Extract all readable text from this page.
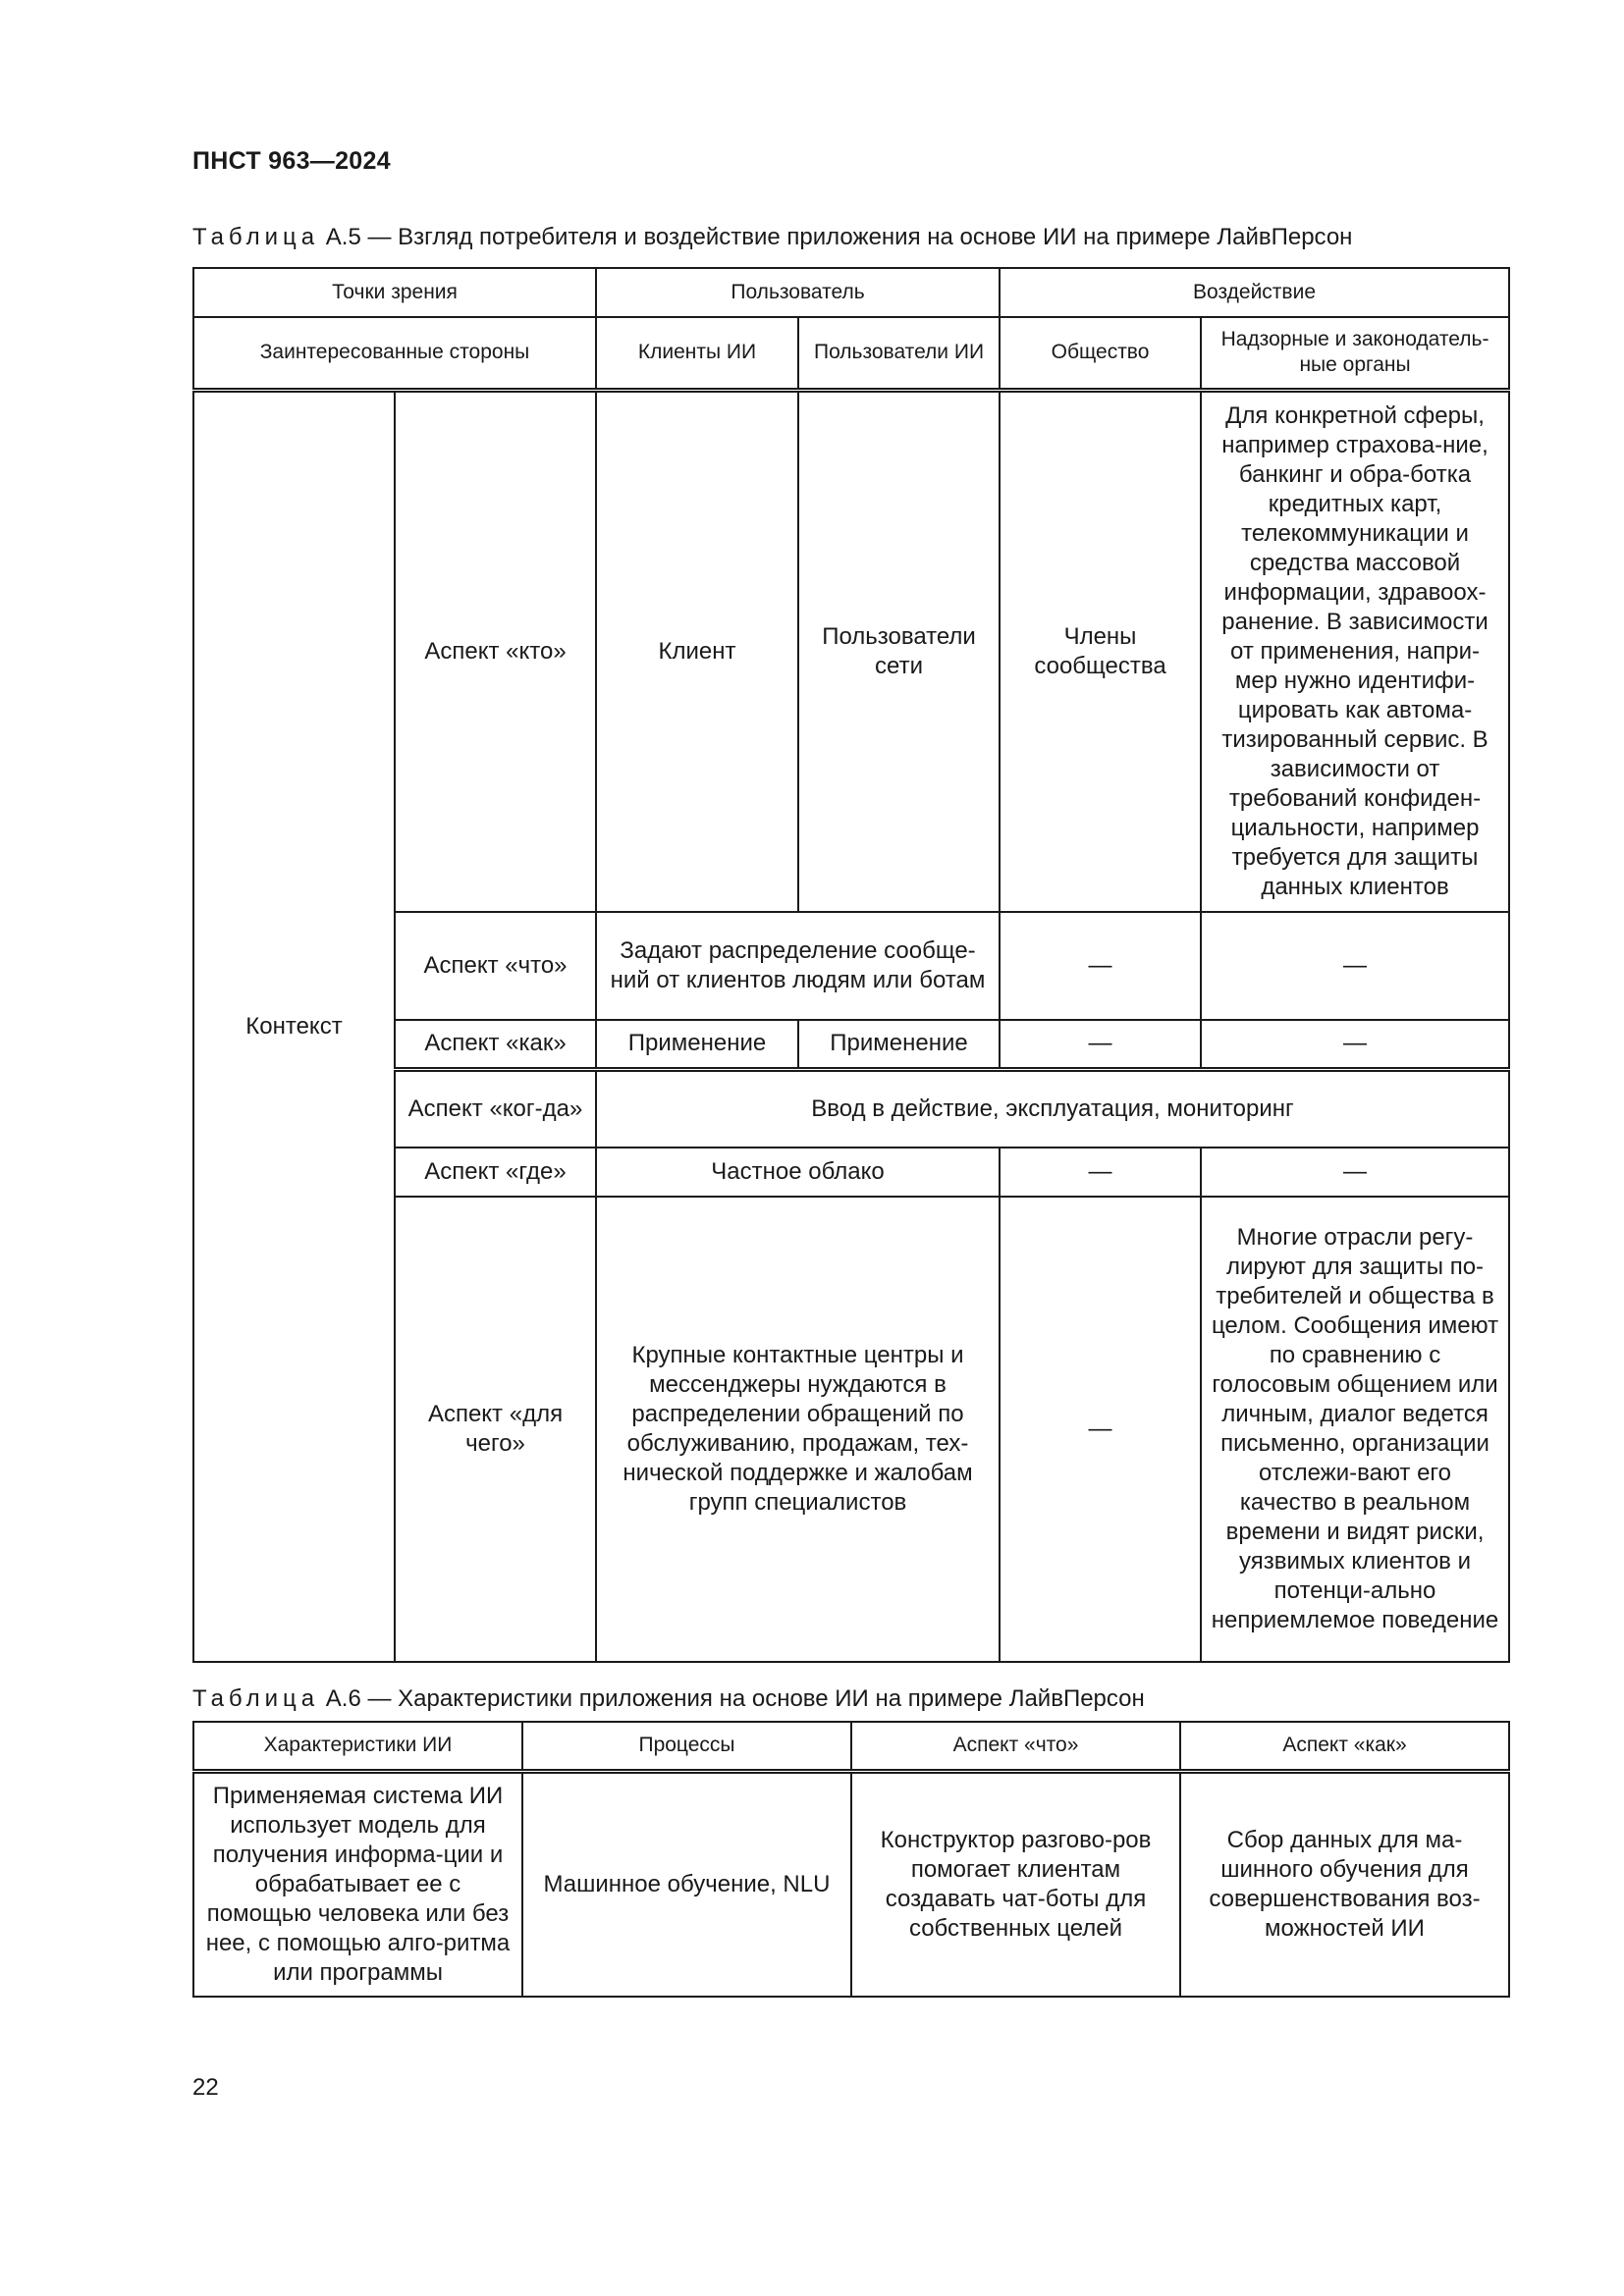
ПНСТ 963—2024
Таблица А.5 — Взгляд потребителя и воздействие приложения на основе ИИ на примере ЛайвПерсон
Точки зрения		Пользователь		Воздействие	
Заинтересованные стороны		Клиенты ИИ	Пользователи ИИ	Общество	Надзорные и законодатель-ные органы
Контекст	Аспект «кто»	Клиент	Пользователи сети	Члены сообщества	Для конкретной сферы, например страхова-ние, банкинг и обра-ботка кредитных карт, телекоммуникации и средства массовой информации, здравоох-ранение. В зависимости от применения, напри-мер нужно идентифи-цировать как автома-тизированный сервис. В зависимости от требований конфиден-циальности, например требуется для защиты данных клиентов
	Аспект «что»	Задают распределение сообще-ний от клиентов людям или ботам		—	—
	Аспект «как»	Применение	Применение	—	—
	Аспект «ког-да»	Ввод в действие, эксплуатация, мониторинг			
	Аспект «где»	Частное облако		—	—
	Аспект «для чего»	Крупные контактные центры и мессенджеры нуждаются в распределении обращений по обслуживанию, продажам, тех-нической поддержке и жалобам групп специалистов		—	Многие отрасли регу-лируют для защиты по-требителей и общества в целом. Сообщения имеют по сравнению с голосовым общением или личным, диалог ведется письменно, организации отслежи-вают его качество в реальном времени и видят риски, уязвимых клиентов и потенци-ально неприемлемое поведение
Таблица А.6 — Характеристики приложения на основе ИИ на примере ЛайвПерсон
Характеристики ИИ	Процессы	Аспект «что»	Аспект «как»
Применяемая система ИИ использует модель для получения информа-ции и обрабатывает ее с помощью человека или без нее, с помощью алго-ритма или программы	Машинное обучение, NLU	Конструктор разгово-ров помогает клиентам создавать чат-боты для собственных целей	Сбор данных для ма-шинного обучения для совершенствования воз-можностей ИИ
22
